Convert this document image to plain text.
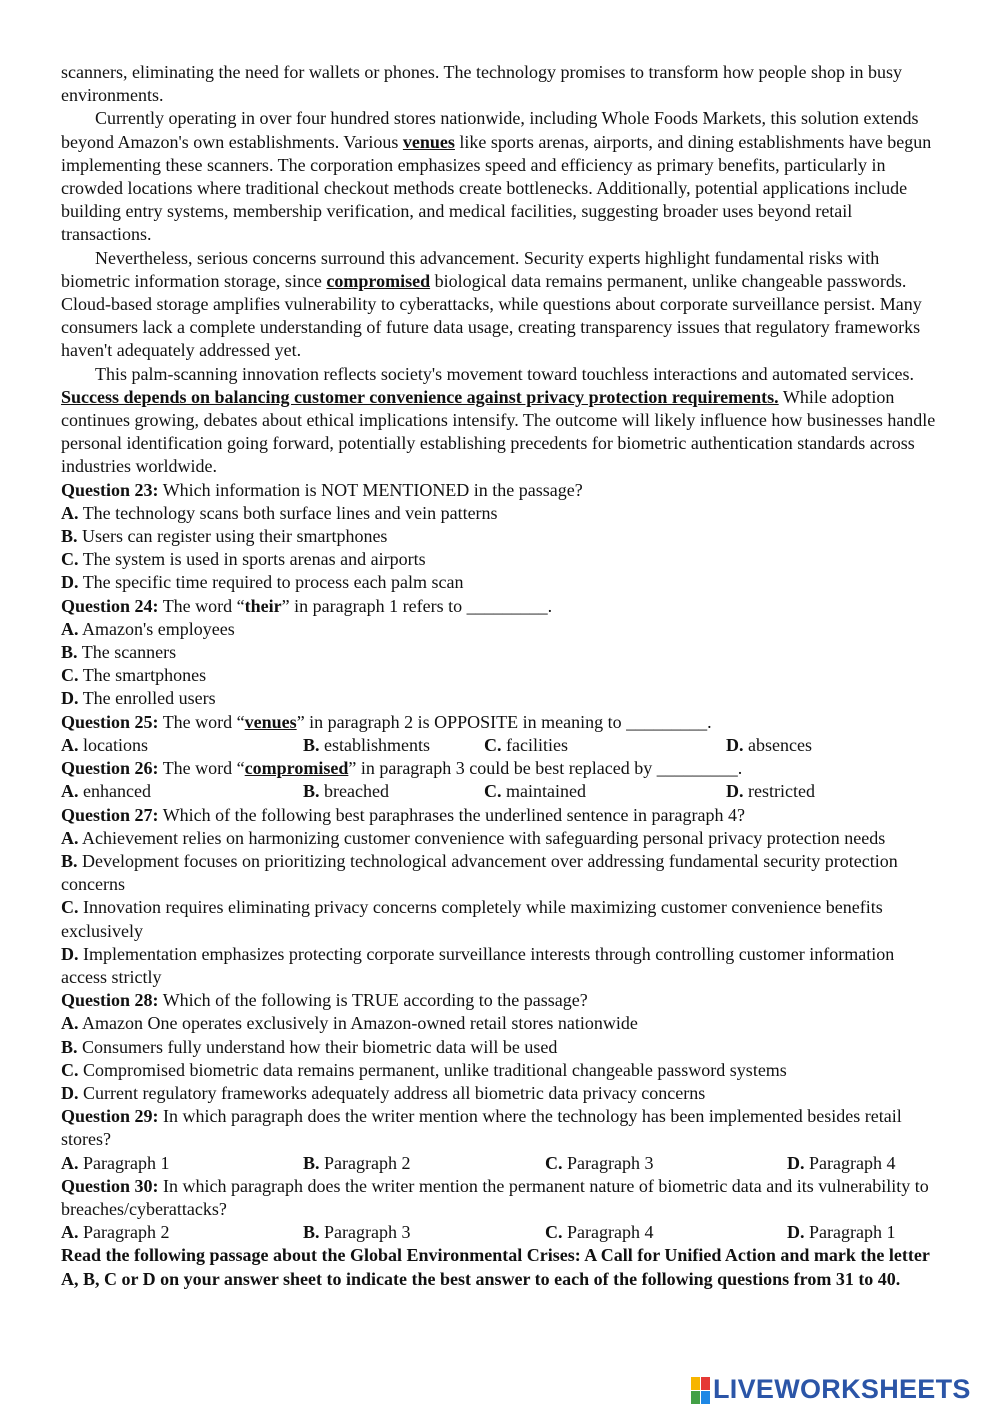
scanners, eliminating the need for wallets or phones. The technology promises to transform how people shop in busy environments.

Currently operating in over four hundred stores nationwide, including Whole Foods Markets, this solution extends beyond Amazon's own establishments. Various venues like sports arenas, airports, and dining establishments have begun implementing these scanners. The corporation emphasizes speed and efficiency as primary benefits, particularly in crowded locations where traditional checkout methods create bottlenecks. Additionally, potential applications include building entry systems, membership verification, and medical facilities, suggesting broader uses beyond retail transactions.

Nevertheless, serious concerns surround this advancement. Security experts highlight fundamental risks with biometric information storage, since compromised biological data remains permanent, unlike changeable passwords. Cloud-based storage amplifies vulnerability to cyberattacks, while questions about corporate surveillance persist. Many consumers lack a complete understanding of future data usage, creating transparency issues that regulatory frameworks haven't adequately addressed yet.

This palm-scanning innovation reflects society's movement toward touchless interactions and automated services. Success depends on balancing customer convenience against privacy protection requirements. While adoption continues growing, debates about ethical implications intensify. The outcome will likely influence how businesses handle personal identification going forward, potentially establishing precedents for biometric authentication standards across industries worldwide.

Question 23: Which information is NOT MENTIONED in the passage?

A. The technology scans both surface lines and vein patterns

B. Users can register using their smartphones

C. The system is used in sports arenas and airports

D. The specific time required to process each palm scan

Question 24: The word “their” in paragraph 1 refers to _________.

A. Amazon's employees

B. The scanners

C. The smartphones

D. The enrolled users

Question 25: The word “venues” in paragraph 2 is OPPOSITE in meaning to _________.

A. locations	B. establishments	C. facilities	D. absences

Question 26: The word “compromised” in paragraph 3 could be best replaced by _________.

A. enhanced	B. breached	C. maintained	D. restricted

Question 27: Which of the following best paraphrases the underlined sentence in paragraph 4?

A. Achievement relies on harmonizing customer convenience with safeguarding personal privacy protection needs

B. Development focuses on prioritizing technological advancement over addressing fundamental security protection concerns

C. Innovation requires eliminating privacy concerns completely while maximizing customer convenience benefits exclusively

D. Implementation emphasizes protecting corporate surveillance interests through controlling customer information access strictly

Question 28: Which of the following is TRUE according to the passage?

A. Amazon One operates exclusively in Amazon-owned retail stores nationwide

B. Consumers fully understand how their biometric data will be used

C. Compromised biometric data remains permanent, unlike traditional changeable password systems

D. Current regulatory frameworks adequately address all biometric data privacy concerns

Question 29: In which paragraph does the writer mention where the technology has been implemented besides retail stores?

A. Paragraph 1	B. Paragraph 2	C. Paragraph 3	D. Paragraph 4

Question 30: In which paragraph does the writer mention the permanent nature of biometric data and its vulnerability to breaches/cyberattacks?

A. Paragraph 2	B. Paragraph 3	C. Paragraph 4	D. Paragraph 1

Read the following passage about the Global Environmental Crises: A Call for Unified Action and mark the letter A, B, C or D on your answer sheet to indicate the best answer to each of the following questions from 31 to 40.

LIVEWORKSHEETS
